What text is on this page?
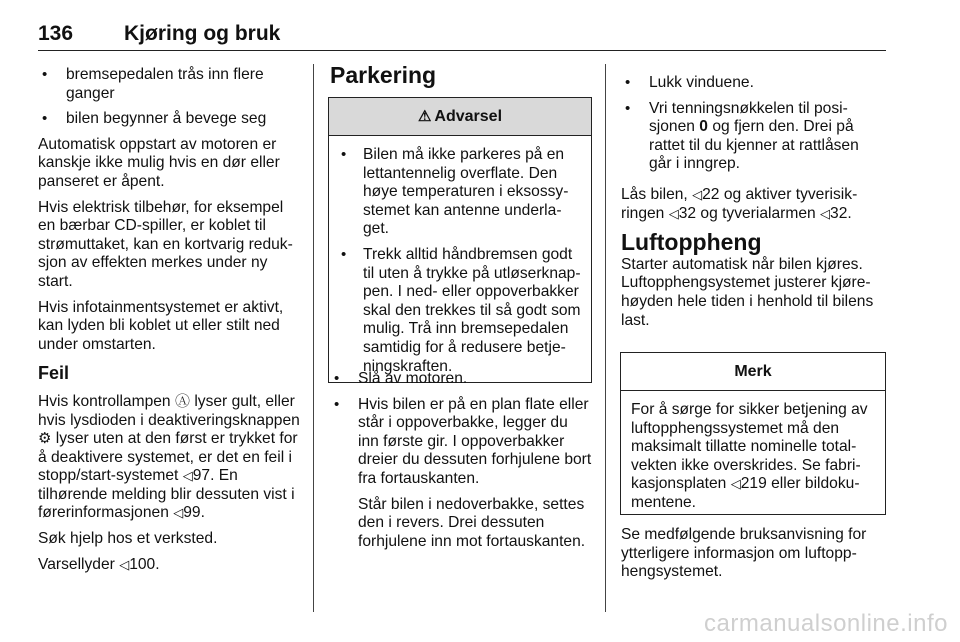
136 Kjøring og bruk
• bremsepedalen trås inn flere ganger
• bilen begynner å bevege seg

Automatisk oppstart av motoren er kanskje ikke mulig hvis en dør eller panseret er åpent.

Hvis elektrisk tilbehør, for eksempel en bærbar CD-spiller, er koblet til strømuttaket, kan en kortvarig reduksjon av effekten merkes under ny start.

Hvis infotainmentsystemet er aktivt, kan lyden bli koblet ut eller stilt ned under omstarten.

Feil

Hvis kontrollampen Ⓐ lyser gult, eller hvis lysdioden i deaktiveringsknappen ⚙ lyser uten at den først er trykket for å deaktivere systemet, er det en feil i stopp/start-systemet ◁97. En tilhørende melding blir dessuten vist i førerinformasjonen ◁99.

Søk hjelp hos et verksted.

Varsellyder ◁100.

Parkering
⚠ Advarsel
• Bilen må ikke parkeres på en lettantennelig overflate. Den høye temperaturen i eksossystemet kan antenne underlaget.
• Trekk alltid håndbremsen godt til uten å trykke på utløserknappen. I ned- eller oppoverbakker skal den trekkes til så godt som mulig. Trå inn bremsepedalen samtidig for å redusere betjeningskraften.
• Slå av motoren.
• Hvis bilen er på en plan flate eller står i oppoverbakke, legger du inn første gir. I oppoverbakker dreier du dessuten forhjulene bort fra fortauskanten.
Står bilen i nedoverbakke, settes den i revers. Drei dessuten forhjulene inn mot fortauskanten.
• Lukk vinduene.
• Vri tenningsnøkkelen til posisjonen 0 og fjern den. Drei på rattet til du kjenner at rattlåsen går i inngrep.

Lås bilen, ◁22 og aktiver tyverisikringen ◁32 og tyverialarmen ◁32.

Luftoppheng

Starter automatisk når bilen kjøres. Luftopphengsystemet justerer kjørehøyden hele tiden i henhold til bilens last.

Merk

For å sørge for sikker betjening av luftopphengssystemet må den maksimalt tillatte nominelle totalvekten ikke overskrides. Se fabrikasjonsplaten ◁219 eller bildokumentene.

Se medfølgende bruksanvisning for ytterligere informasjon om luftopphengsystemet.

carmanualsonline.info
